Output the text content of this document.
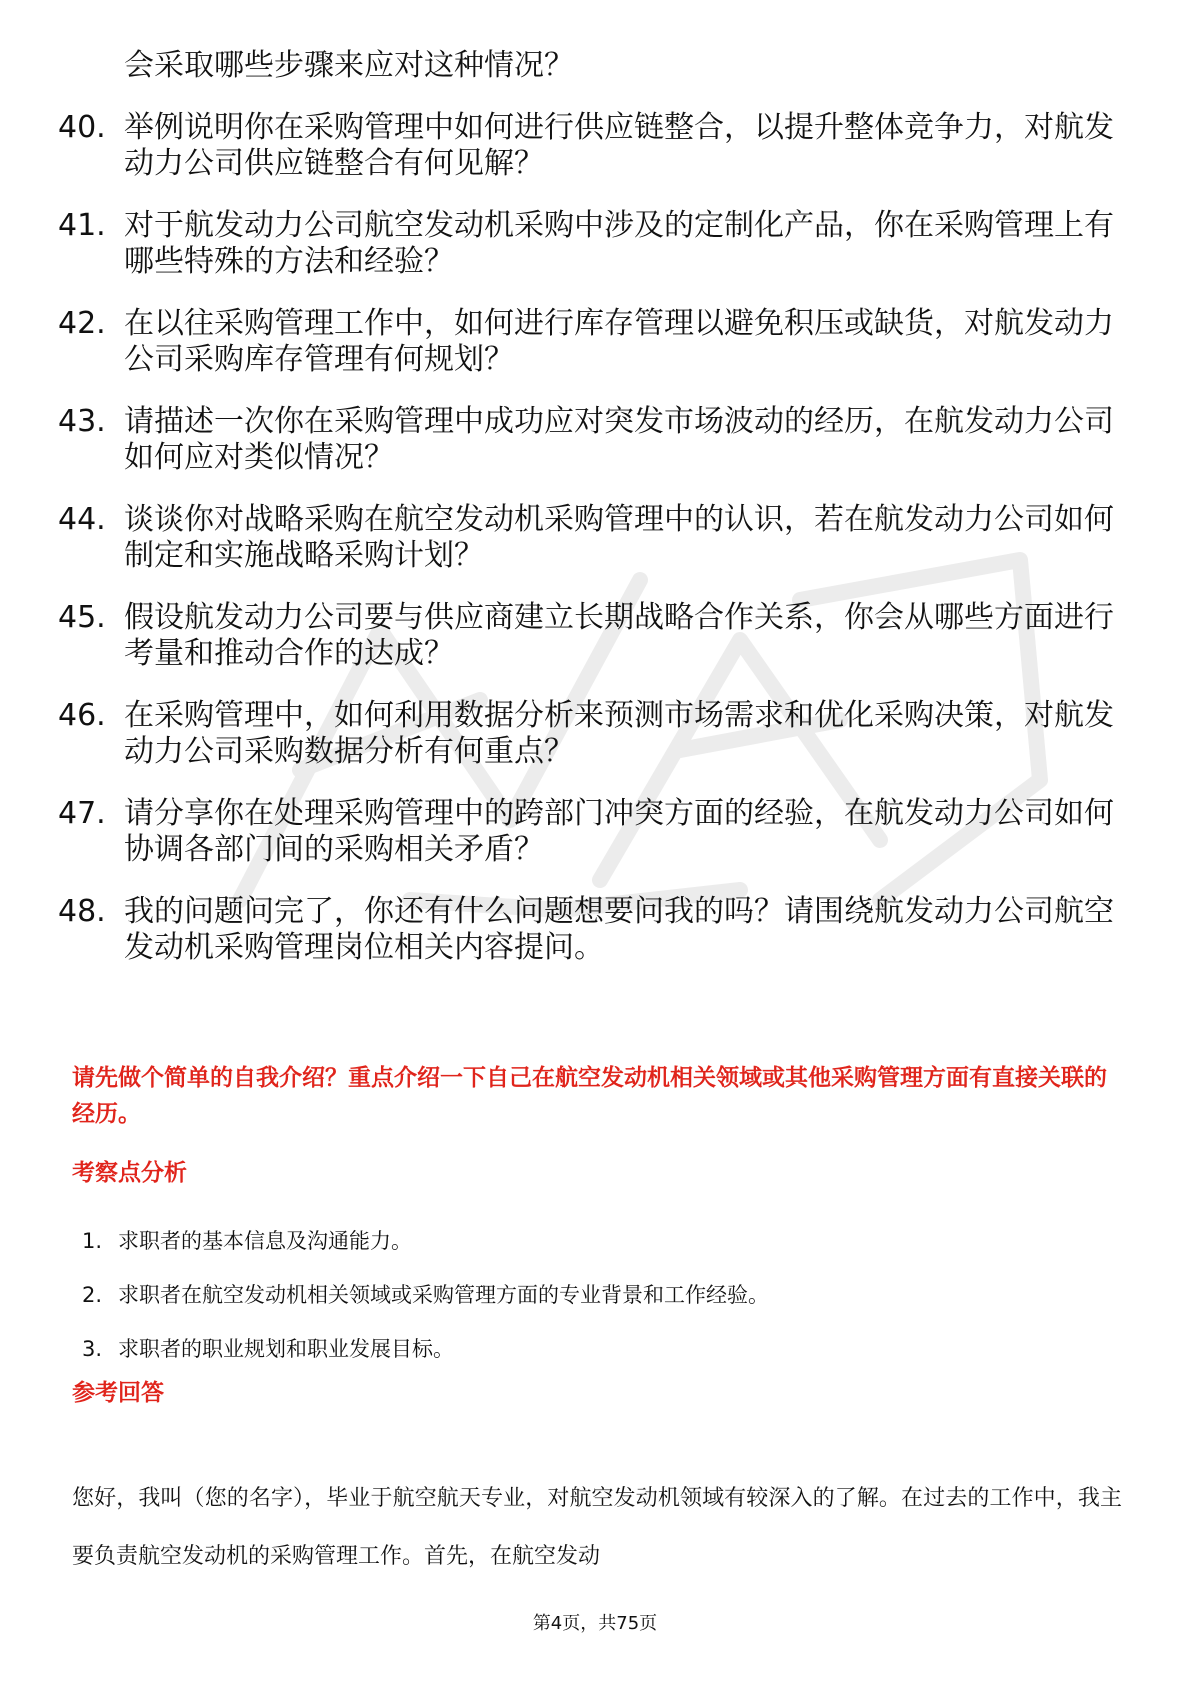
会采取哪些步骤来应对这种情况？
40. 举例说明你在采购管理中如何进行供应链整合，以提升整体竞争力，对航发动力公司供应链整合有何见解？
41. 对于航发动力公司航空发动机采购中涉及的定制化产品，你在采购管理上有哪些特殊的方法和经验？
42. 在以往采购管理工作中，如何进行库存管理以避免积压或缺货，对航发动力公司采购库存管理有何规划？
43. 请描述一次你在采购管理中成功应对突发市场波动的经历，在航发动力公司如何应对类似情况？
44. 谈谈你对战略采购在航空发动机采购管理中的认识，若在航发动力公司如何制定和实施战略采购计划？
45. 假设航发动力公司要与供应商建立长期战略合作关系，你会从哪些方面进行考量和推动合作的达成？
46. 在采购管理中，如何利用数据分析来预测市场需求和优化采购决策，对航发动力公司采购数据分析有何重点？
47. 请分享你在处理采购管理中的跨部门冲突方面的经验，在航发动力公司如何协调各部门间的采购相关矛盾？
48. 我的问题问完了，你还有什么问题想要问我的吗？请围绕航发动力公司航空发动机采购管理岗位相关内容提问。
请先做个简单的自我介绍？重点介绍一下自己在航空发动机相关领域或其他采购管理方面有直接关联的经历。
考察点分析
1. 求职者的基本信息及沟通能力。
2. 求职者在航空发动机相关领域或采购管理方面的专业背景和工作经验。
3. 求职者的职业规划和职业发展目标。
参考回答
您好，我叫（您的名字），毕业于航空航天专业，对航空发动机领域有较深入的了解。在过去的工作中，我主要负责航空发动机的采购管理工作。首先，在航空发动
第4页，共75页
